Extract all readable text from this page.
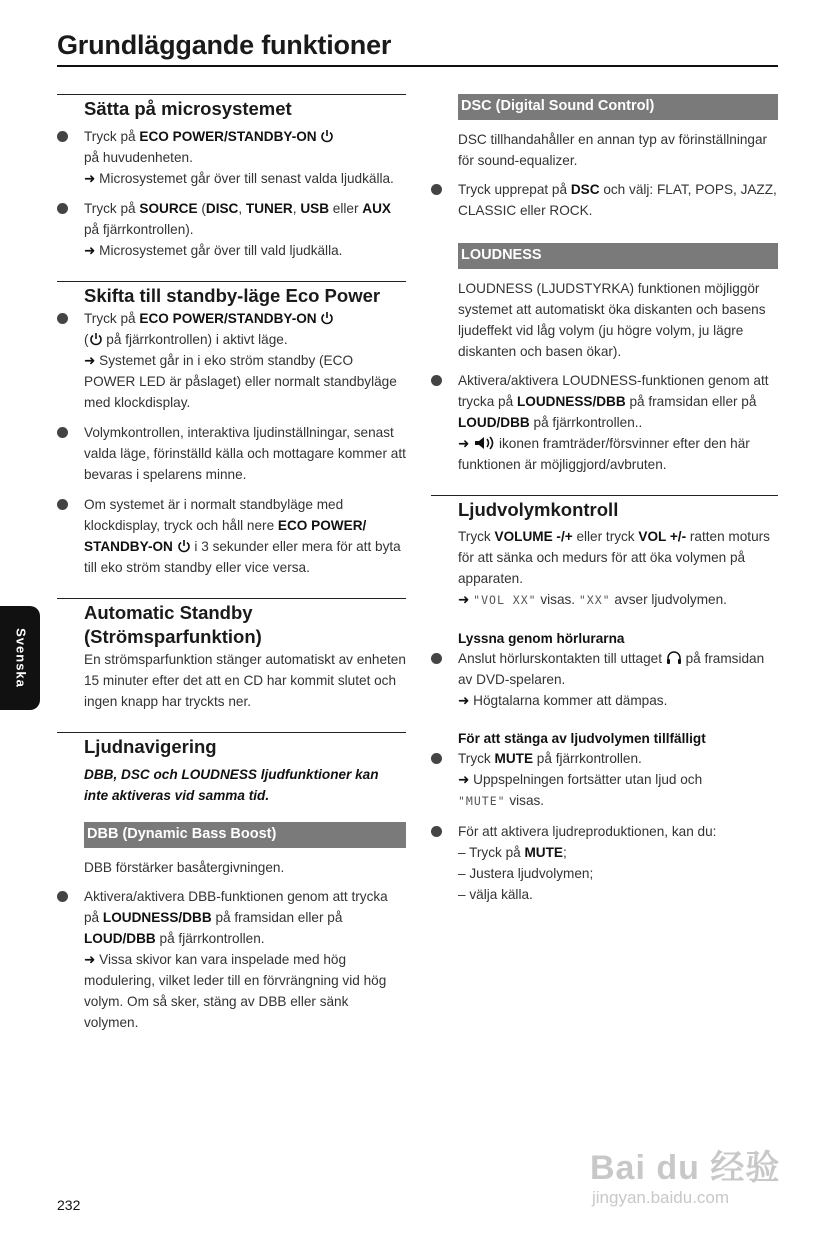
Grundläggande funktioner
Sätta på microsystemet
Tryck på ECO POWER/STANDBY-ON
på huvudenheten.
➜ Microsystemet går över till senast valda ljudkälla.
Tryck på SOURCE (DISC, TUNER, USB eller AUX på fjärrkontrollen).
➜ Microsystemet går över till vald ljudkälla.
Skifta till standby-läge Eco Power
Tryck på ECO POWER/STANDBY-ON
( på fjärrkontrollen) i aktivt läge.
➜ Systemet går in i eko ström standby (ECO POWER LED är påslaget) eller normalt standbyläge med klockdisplay.
Volymkontrollen, interaktiva ljudinställningar, senast valda läge, förinställd källa och mottagare kommer att bevaras i spelarens minne.
Om systemet är i normalt standbyläge med klockdisplay, tryck och håll nere ECO POWER/ STANDBY-ON  i 3 sekunder eller mera för att byta till eko ström standby eller vice versa.
Automatic Standby
(Strömsparfunktion)
En strömsparfunktion stänger automatiskt av enheten 15 minuter efter det att en CD har kommit slutet och ingen knapp har tryckts ner.
Ljudnavigering
DBB, DSC och LOUDNESS ljudfunktioner kan inte aktiveras vid samma tid.
DBB (Dynamic Bass Boost)
DBB förstärker basåtergivningen.
Aktivera/aktivera DBB-funktionen genom att trycka på LOUDNESS/DBB på framsidan eller på LOUD/DBB på fjärrkontrollen.
➜ Vissa skivor kan vara inspelade med hög modulering, vilket leder till en förvrängning vid hög volym. Om så sker, stäng av DBB eller sänk volymen.
DSC (Digital Sound Control)
DSC tillhandahåller en annan typ av förinställningar för sound-equalizer.
Tryck upprepat på DSC och välj: FLAT, POPS, JAZZ, CLASSIC eller ROCK.
LOUDNESS
LOUDNESS (LJUDSTYRKA) funktionen möjliggör systemet att automatiskt öka diskanten och basens ljudeffekt vid låg volym (ju högre volym, ju lägre diskanten och basen ökar).
Aktivera/aktivera LOUDNESS-funktionen genom att trycka på LOUDNESS/DBB på framsidan eller på LOUD/DBB på fjärrkontrollen..
➜  ikonen framträder/försvinner efter den här funktionen är möjliggjord/avbruten.
Ljudvolymkontroll
Tryck VOLUME -/+ eller tryck VOL +/- ratten moturs för att sänka och medurs för att öka volymen på apparaten.
➜ "VOL XX" visas. "XX" avser ljudvolymen.
Lyssna genom hörlurarna
Anslut hörlurskontakten till uttaget  på framsidan av DVD-spelaren.
➜ Högtalarna kommer att dämpas.
För att stänga av ljudvolymen tillfälligt
Tryck MUTE på fjärrkontrollen.
➜ Uppspelningen fortsätter utan ljud och
"MUTE" visas.
För att aktivera ljudreproduktionen, kan du:
– Tryck på MUTE;
– Justera ljudvolymen;
– välja källa.
Svenska
232
Bai du 经验
jingyan.baidu.com
